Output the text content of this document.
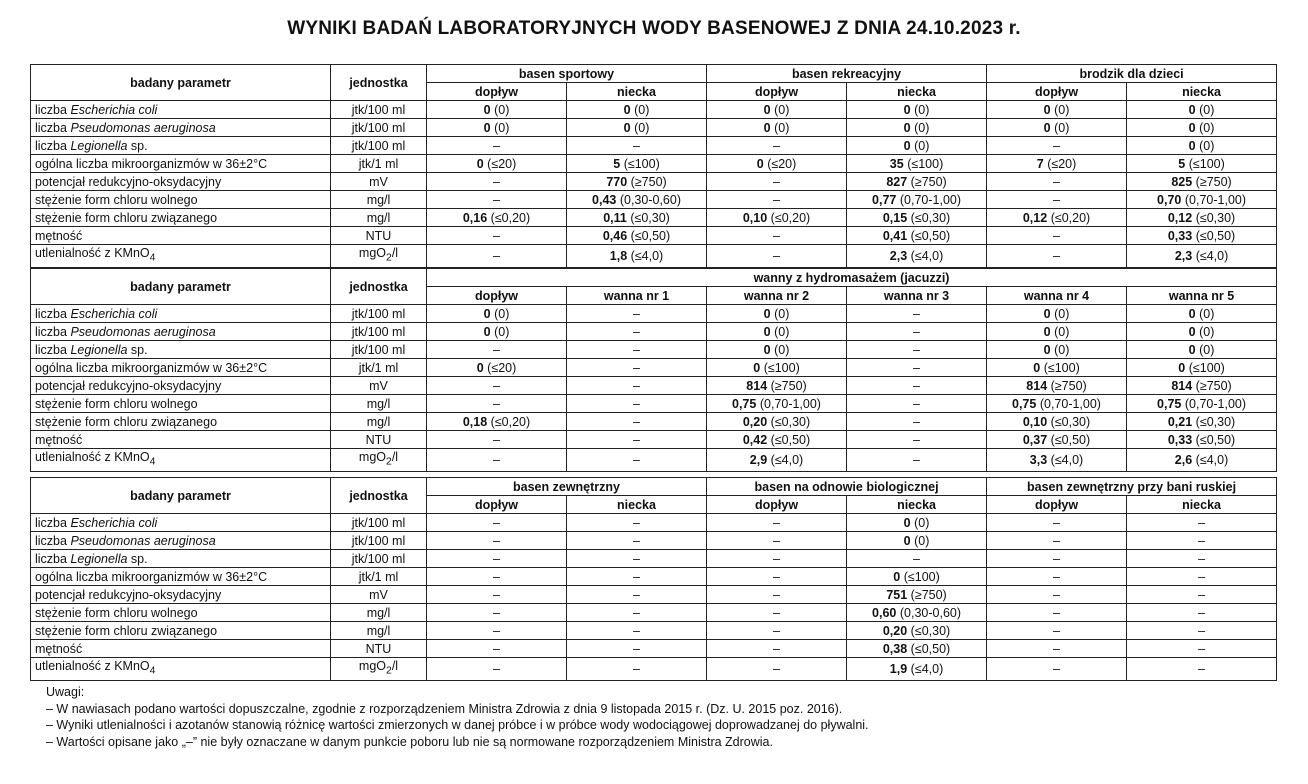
WYNIKI BADAŃ LABORATORYJNYCH WODY BASENOWEJ Z DNIA 24.10.2023 r.
badany parametr	jednostka	basen sportowy		basen rekreacyjny		brodzik dla dzieci	
		dopływ	niecka	dopływ	niecka	dopływ	niecka
liczba Escherichia coli	jtk/100 ml	0 (0)	0 (0)	0 (0)	0 (0)	0 (0)	0 (0)
liczba Pseudomonas aeruginosa	jtk/100 ml	0 (0)	0 (0)	0 (0)	0 (0)	0 (0)	0 (0)
liczba Legionella sp.	jtk/100 ml	–	–	–	0 (0)	–	0 (0)
ogólna liczba mikroorganizmów w 36±2°C	jtk/1 ml	0 (≤20)	5 (≤100)	0 (≤20)	35 (≤100)	7 (≤20)	5 (≤100)
potencjał redukcyjno-oksydacyjny	mV	–	770 (≥750)	–	827 (≥750)	–	825 (≥750)
stężenie form chloru wolnego	mg/l	–	0,43 (0,30-0,60)	–	0,77 (0,70-1,00)	–	0,70 (0,70-1,00)
stężenie form chloru związanego	mg/l	0,16 (≤0,20)	0,11 (≤0,30)	0,10 (≤0,20)	0,15 (≤0,30)	0,12 (≤0,20)	0,12 (≤0,30)
mętność	NTU	–	0,46 (≤0,50)	–	0,41 (≤0,50)	–	0,33 (≤0,50)
utlenialność z KMnO$_4$	mgO$_2$/l	–	1,8 (≤4,0)	–	2,3 (≤4,0)	–	2,3 (≤4,0)
badany parametr	jednostka	wanny z hydromasażem (jacuzzi)					
		dopływ	wanna nr 1	wanna nr 2	wanna nr 3	wanna nr 4	wanna nr 5
liczba Escherichia coli	jtk/100 ml	0 (0)	–	0 (0)	–	0 (0)	0 (0)
liczba Pseudomonas aeruginosa	jtk/100 ml	0 (0)	–	0 (0)	–	0 (0)	0 (0)
liczba Legionella sp.	jtk/100 ml	–	–	0 (0)	–	0 (0)	0 (0)
ogólna liczba mikroorganizmów w 36±2°C	jtk/1 ml	0 (≤20)	–	0 (≤100)	–	0 (≤100)	0 (≤100)
potencjał redukcyjno-oksydacyjny	mV	–	–	814 (≥750)	–	814 (≥750)	814 (≥750)
stężenie form chloru wolnego	mg/l	–	–	0,75 (0,70-1,00)	–	0,75 (0,70-1,00)	0,75 (0,70-1,00)
stężenie form chloru związanego	mg/l	0,18 (≤0,20)	–	0,20 (≤0,30)	–	0,10 (≤0,30)	0,21 (≤0,30)
mętność	NTU	–	–	0,42 (≤0,50)	–	0,37 (≤0,50)	0,33 (≤0,50)
utlenialność z KMnO$_4$	mgO$_2$/l	–	–	2,9 (≤4,0)	–	3,3 (≤4,0)	2,6 (≤4,0)
badany parametr	jednostka	basen zewnętrzny		basen na odnowie biologicznej		basen zewnętrzny przy bani ruskiej	
		dopływ	niecka	dopływ	niecka	dopływ	niecka
liczba Escherichia coli	jtk/100 ml	–	–	–	0 (0)	–	–
liczba Pseudomonas aeruginosa	jtk/100 ml	–	–	–	0 (0)	–	–
liczba Legionella sp.	jtk/100 ml	–	–	–	–	–	–
ogólna liczba mikroorganizmów w 36±2°C	jtk/1 ml	–	–	–	0 (≤100)	–	–
potencjał redukcyjno-oksydacyjny	mV	–	–	–	751 (≥750)	–	–
stężenie form chloru wolnego	mg/l	–	–	–	0,60 (0,30-0,60)	–	–
stężenie form chloru związanego	mg/l	–	–	–	0,20 (≤0,30)	–	–
mętność	NTU	–	–	–	0,38 (≤0,50)	–	–
utlenialność z KMnO$_4$	mgO$_2$/l	–	–	–	1,9 (≤4,0)	–	–
Uwagi:
– W nawiasach podano wartości dopuszczalne, zgodnie z rozporządzeniem Ministra Zdrowia z dnia 9 listopada 2015 r. (Dz. U. 2015 poz. 2016).
– Wyniki utlenialności i azotanów stanowią różnicę wartości zmierzonych w danej próbce i w próbce wody wodociągowej doprowadzanej do pływalni.
– Wartości opisane jako „–” nie były oznaczane w danym punkcie poboru lub nie są normowane rozporządzeniem Ministra Zdrowia.
